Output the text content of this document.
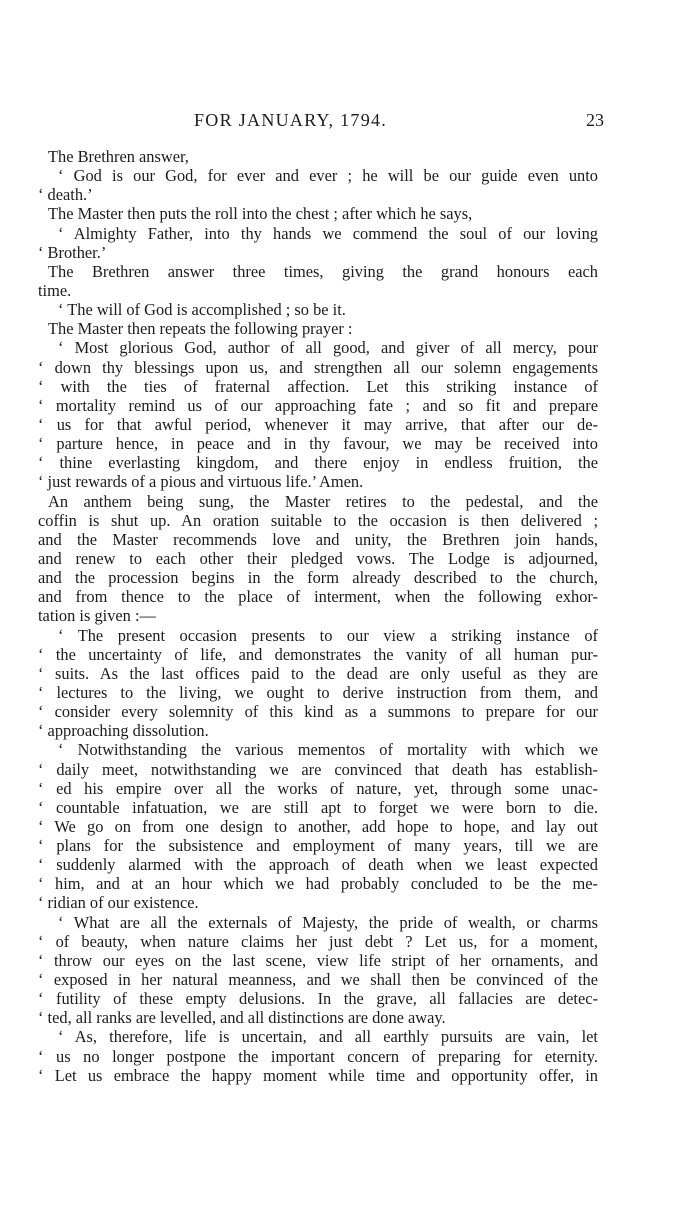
FOR JANUARY, 1794.	23
The Brethren answer,
‘ God is our God, for ever and ever ; he will be our guide even unto
‘ death.’
The Master then puts the roll into the chest ; after which he says,
‘ Almighty Father, into thy hands we commend the soul of our loving
‘ Brother.’
The Brethren answer three times, giving the grand honours each
time.
‘ The will of God is accomplished ; so be it.
The Master then repeats the following prayer :
‘ Most glorious God, author of all good, and giver of all mercy, pour
‘ down thy blessings upon us, and strengthen all our solemn engagements
‘ with the ties of fraternal affection. Let this striking instance of
‘ mortality remind us of our approaching fate ; and so fit and prepare
‘ us for that awful period, whenever it may arrive, that after our de-
‘ parture hence, in peace and in thy favour, we may be received into
‘ thine everlasting kingdom, and there enjoy in endless fruition, the
‘ just rewards of a pious and virtuous life.’ Amen.
An anthem being sung, the Master retires to the pedestal, and the
coffin is shut up. An oration suitable to the occasion is then delivered ;
and the Master recommends love and unity, the Brethren join hands,
and renew to each other their pledged vows. The Lodge is adjourned,
and the procession begins in the form already described to the church,
and from thence to the place of interment, when the following exhor-
tation is given :—
‘ The present occasion presents to our view a striking instance of
‘ the uncertainty of life, and demonstrates the vanity of all human pur-
‘ suits. As the last offices paid to the dead are only useful as they are
‘ lectures to the living, we ought to derive instruction from them, and
‘ consider every solemnity of this kind as a summons to prepare for our
‘ approaching dissolution.
‘ Notwithstanding the various mementos of mortality with which we
‘ daily meet, notwithstanding we are convinced that death has establish-
‘ ed his empire over all the works of nature, yet, through some unac-
‘ countable infatuation, we are still apt to forget we were born to die.
‘ We go on from one design to another, add hope to hope, and lay out
‘ plans for the subsistence and employment of many years, till we are
‘ suddenly alarmed with the approach of death when we least expected
‘ him, and at an hour which we had probably concluded to be the me-
‘ ridian of our existence.
‘ What are all the externals of Majesty, the pride of wealth, or charms
‘ of beauty, when nature claims her just debt ? Let us, for a moment,
‘ throw our eyes on the last scene, view life stript of her ornaments, and
‘ exposed in her natural meanness, and we shall then be convinced of the
‘ futility of these empty delusions. In the grave, all fallacies are detec-
‘ ted, all ranks are levelled, and all distinctions are done away.
‘ As, therefore, life is uncertain, and all earthly pursuits are vain, let
‘ us no longer postpone the important concern of preparing for eternity.
‘ Let us embrace the happy moment while time and opportunity offer, in
